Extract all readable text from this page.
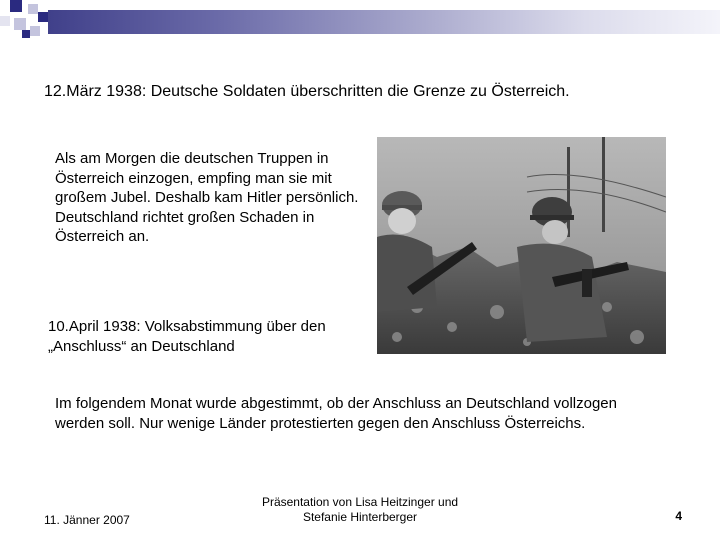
12.März 1938: Deutsche Soldaten überschritten die Grenze zu Österreich.
Als am Morgen die deutschen Truppen in Österreich einzogen, empfing man sie mit großem Jubel. Deshalb kam Hitler persönlich. Deutschland richtet großen Schaden in Österreich an.
10.April 1938: Volksabstimmung über den „Anschluss“ an Deutschland
Im folgendem Monat wurde abgestimmt, ob der Anschluss an Deutschland vollzogen werden soll. Nur wenige Länder protestierten gegen den Anschluss Österreichs.
11. Jänner 2007
Präsentation von Lisa Heitzinger und
Stefanie Hinterberger	4
